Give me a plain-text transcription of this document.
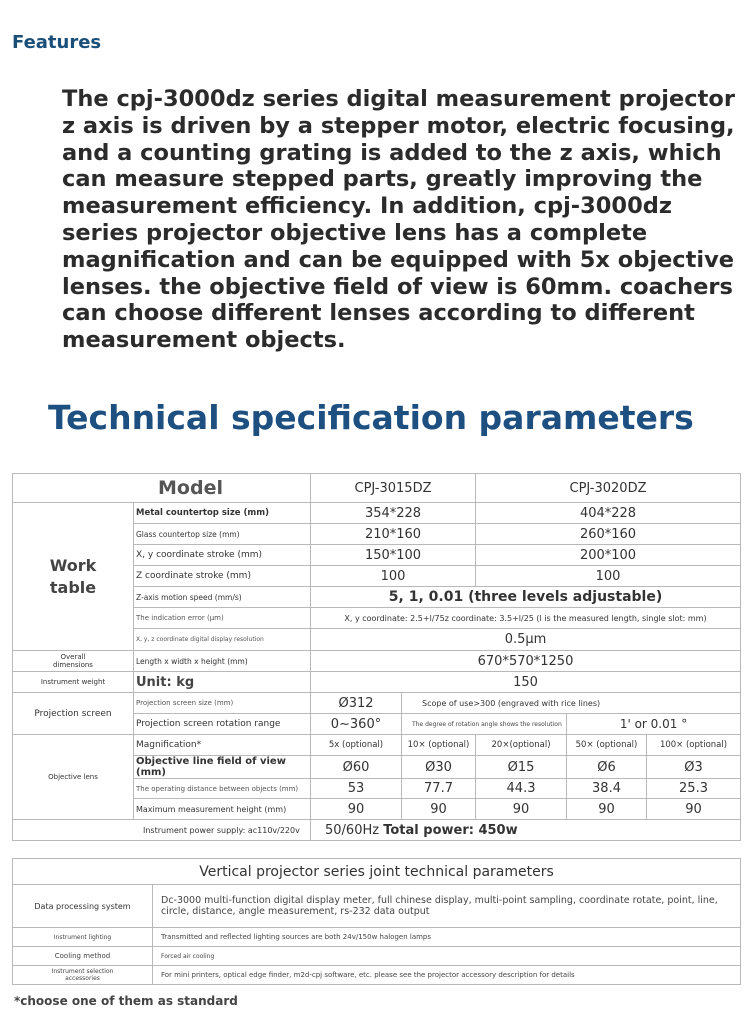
Features
The cpj-3000dz series digital measurement projector z axis is driven by a stepper motor, electric focusing, and a counting grating is added to the z axis, which can measure stepped parts, greatly improving the measurement efficiency. In addition, cpj-3000dz series projector objective lens has a complete magnification and can be equipped with 5x objective lenses. the objective field of view is 60mm. coachers can choose different lenses according to different measurement objects.
Technical specification parameters
Model		CPJ-3015DZ		CPJ-3020DZ		
Work table	Metal countertop size (mm)	354*228		404*228		
	Glass countertop size (mm)	210*160		260*160		
	X, y coordinate stroke (mm)	150*100		200*100		
	Z coordinate stroke (mm)	100		100		
	Z-axis motion speed (mm/s)	5, 1, 0.01 (three levels adjustable)				
	The indication error (μm)	X, y coordinate: 2.5+l/75z coordinate: 3.5+l/25 (l is the measured length, single slot: mm)				
	X, y, z coordinate digital display resolution	0.5μm				
Overall dimensions	Length x width x height (mm)	670*570*1250				
Instrument weight	Unit: kg	150				
Projection screen	Projection screen size (mm)	Ø312	Scope of use>300 (engraved with rice lines)			
	Projection screen rotation range	0~360°	The degree of rotation angle shows the resolution		1' or 0.01 °	
Objective lens	Magnification*	5x (optional)	10× (optional)	20×(optional)	50× (optional)	100× (optional)
	Objective line field of view (mm)	Ø60	Ø30	Ø15	Ø6	Ø3
	The operating distance between objects (mm)	53	77.7	44.3	38.4	25.3
	Maximum measurement height (mm)	90	90	90	90	90
Instrument power supply: ac110v/220v		50/60Hz Total power: 450w				
Vertical projector series joint technical parameters	
Data processing system	Dc-3000 multi-function digital display meter, full chinese display, multi-point sampling, coordinate rotate, point, line, circle, distance, angle measurement, rs-232 data output
Instrument lighting	Transmitted and reflected lighting sources are both 24v/150w halogen lamps
Cooling method	Forced air cooling
Instrument selection accessories	For mini printers, optical edge finder, m2d-cpj software, etc. please see the projector accessory description for details
*choose one of them as standard
